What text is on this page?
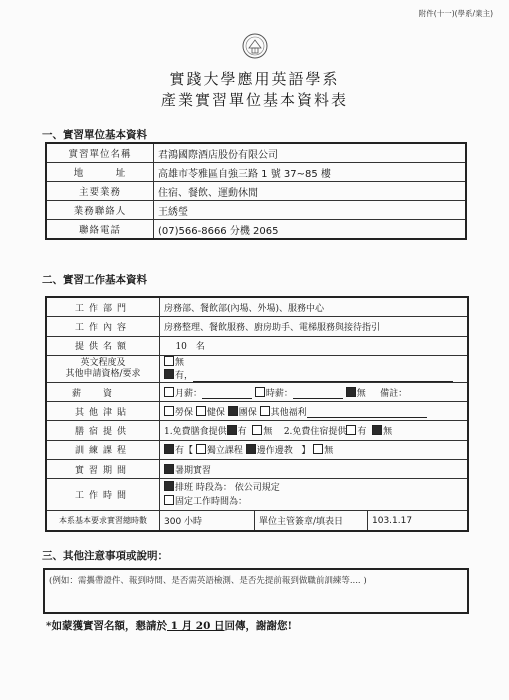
附件(十一)(學系/業主)
實踐大學應用英語學系
產業實習單位基本資料表
一、實習單位基本資料
實習單位名稱	君鴻國際酒店股份有限公司
地　　　址	高雄市苓雅區自強三路 1 號 37~85 樓
主要業務	住宿、餐飲、運動休閒
業務聯絡人	王綉瑩
聯絡電話	(07)566-8666 分機 2065
二、實習工作基本資料
工作部門	房務部、餐飲部(內場、外場)、服務中心		
工作內容	房務整理、餐飲服務、廚房助手、電梯服務與接待指引		
提供名額	10　名		
英文程度及
其他申請資格/要求	無
有，		
薪資	月薪： 時薪： 無 備註：		
其他津貼	勞保 健保 團保 其他福利		
膳宿提供	1.免費膳食提供 有 無 2.免費住宿提供 有 無		
訓練課程	有【 獨立課程 邊作邊教 】 無		
實習期間	暑期實習		
工作時間	排班 時段為： 依公司規定
固定工作時間為：		
本系基本要求實習總時數	300 小時	單位主管簽章/填表日	103.1.17
三、其他注意事項或說明：
(例如：需攜帶證件、報到時間、是否需英語檢測、是否先提前報到做職前訓練等.... )
*如蒙獲實習名額，懇請於 1 月 20 日回傳，謝謝您!
